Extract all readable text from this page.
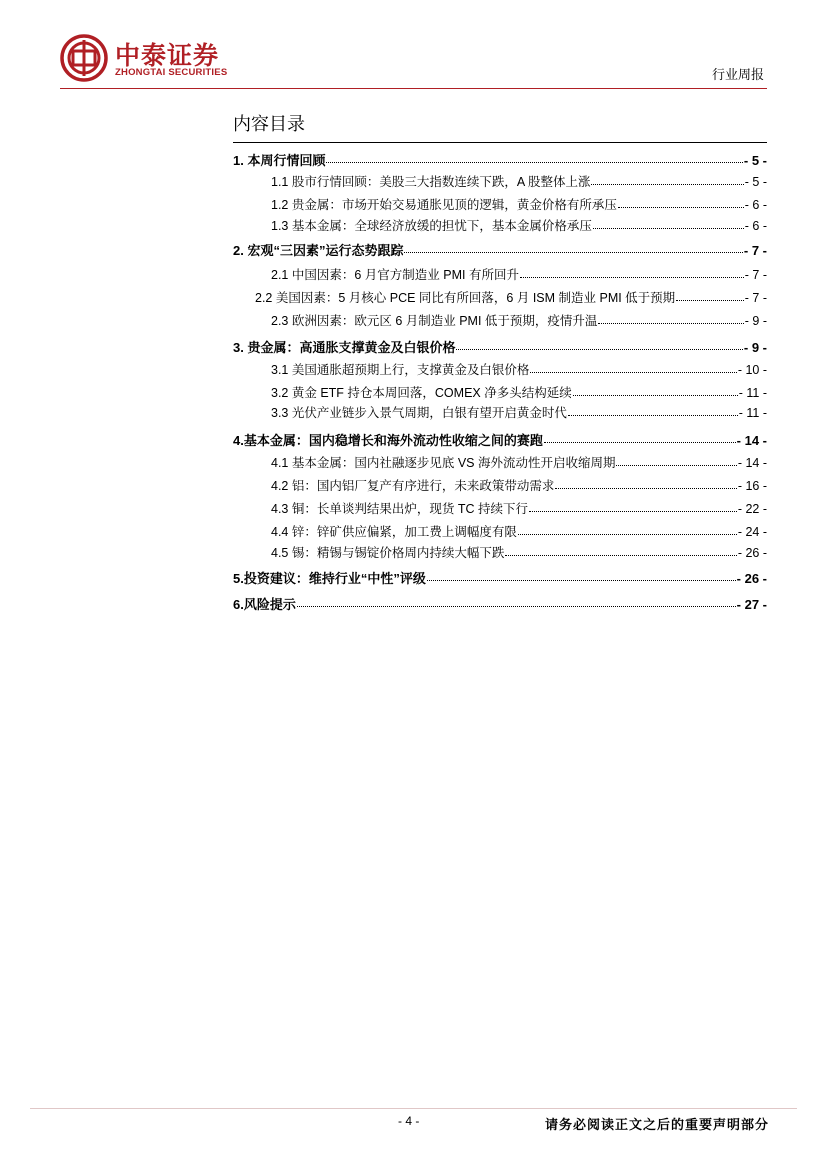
中泰证券
ZHONGTAI SECURITIES	行业周报
内容目录
1. 本周行情回顾	- 5 -
1.1 股市行情回顾：美股三大指数连续下跌，A 股整体上涨	- 5 -
1.2 贵金属：市场开始交易通胀见顶的逻辑，黄金价格有所承压	- 6 -
1.3 基本金属：全球经济放缓的担忧下，基本金属价格承压	- 6 -
2. 宏观“三因素”运行态势跟踪	- 7 -
2.1 中国因素：6 月官方制造业 PMI 有所回升	- 7 -
2.2 美国因素：5 月核心 PCE 同比有所回落，6 月 ISM 制造业 PMI 低于预期	- 7 -
2.3 欧洲因素：欧元区 6 月制造业 PMI 低于预期，疫情升温	- 9 -
3. 贵金属：高通胀支撑黄金及白银价格	- 9 -
3.1 美国通胀超预期上行，支撑黄金及白银价格	- 10 -
3.2 黄金 ETF 持仓本周回落，COMEX 净多头结构延续	- 11 -
3.3 光伏产业链步入景气周期，白银有望开启黄金时代	- 11 -
4.基本金属：国内稳增长和海外流动性收缩之间的赛跑	- 14 -
4.1 基本金属：国内社融逐步见底 VS 海外流动性开启收缩周期	- 14 -
4.2 铝：国内铝厂复产有序进行，未来政策带动需求	- 16 -
4.3 铜：长单谈判结果出炉，现货 TC 持续下行	- 22 -
4.4 锌：锌矿供应偏紧，加工费上调幅度有限	- 24 -
4.5 锡：精锡与锡锭价格周内持续大幅下跌	- 26 -
5.投资建议：维持行业“中性”评级	- 26 -
6.风险提示	- 27 -
- 4 -	请务必阅读正文之后的重要声明部分
